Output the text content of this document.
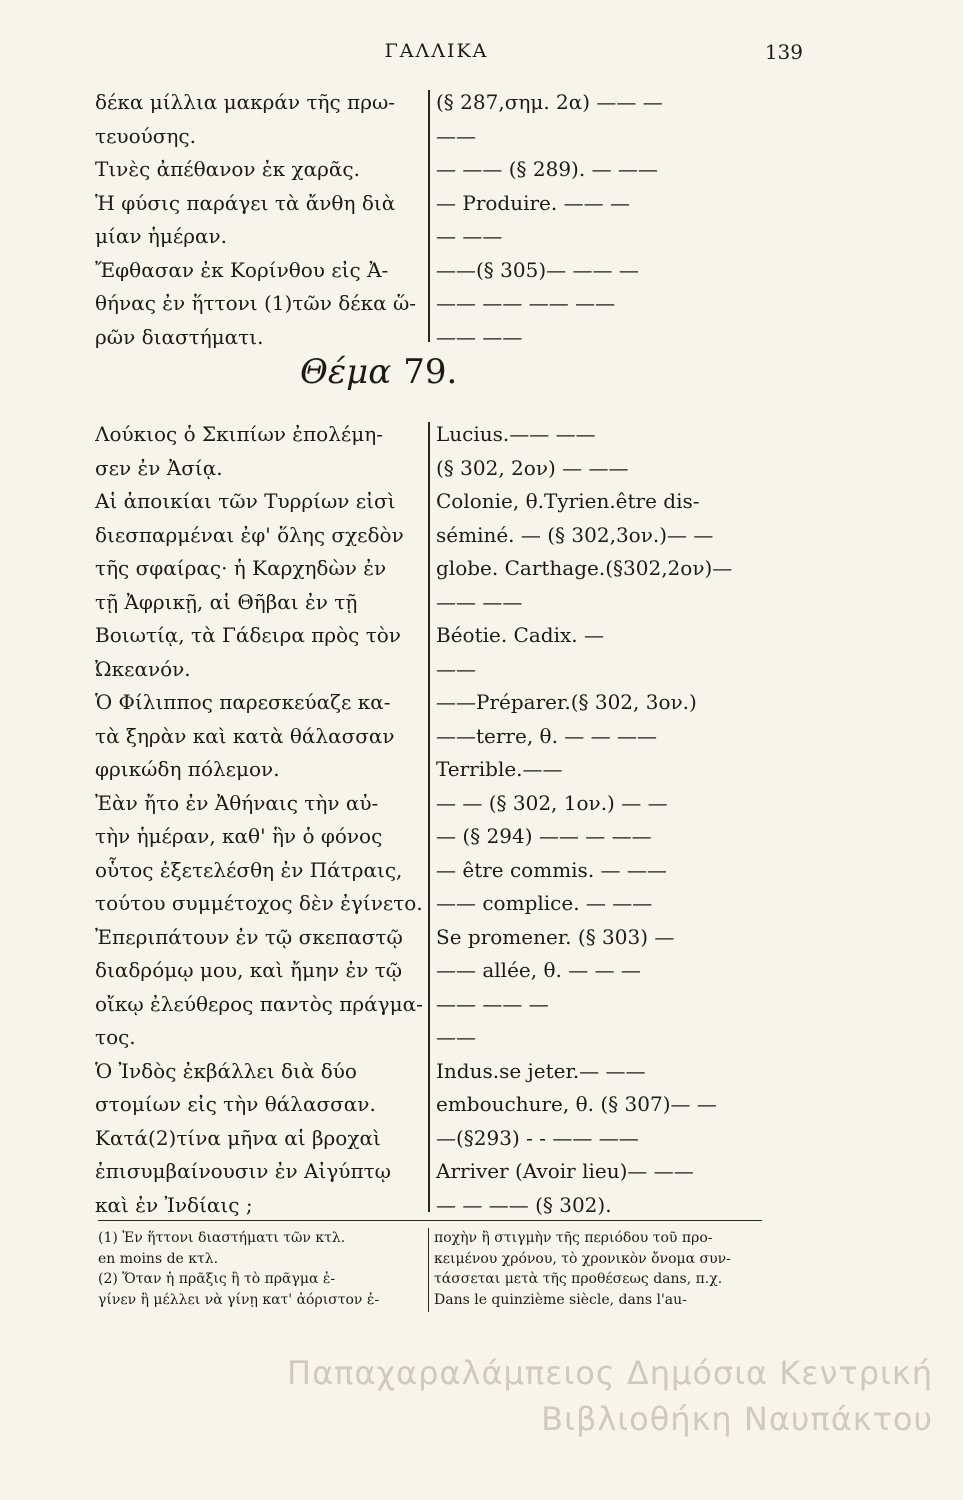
ΓΑΛΛΙΚΑ	139
δέκα μίλλια μακράν τῆς πρω-
τευούσης.
Τινὲς ἀπέθανον ἐκ χαρᾶς.
Ἡ φύσις παράγει τὰ ἄνθη διὰ
μίαν ἡμέραν.
Ἔφθασαν ἐκ Κορίνθου εἰς Ἀ-
θήνας ἐν ἥττονι (1)τῶν δέκα ὥ-
ρῶν διαστήματι.
(§ 287,σημ. 2α) —— —
——
— —— (§ 289). — ——
— Produire. —— —
— ——
——(§ 305)— —— —
—— —— —— ——
—— ——
Θέμα 79.
Λούκιος ὁ Σκιπίων ἐπολέμη-
σεν ἐν Ἀσίᾳ.
Αἱ ἀποικίαι τῶν Τυρρίων εἰσὶ
διεσπαρμέναι ἐφ' ὅλης σχεδὸν
τῆς σφαίρας· ἡ Καρχηδὼν ἐν
τῇ Ἀφρικῇ, αἱ Θῆβαι ἐν τῇ
Βοιωτίᾳ, τὰ Γάδειρα πρὸς τὸν
Ὠκεανόν.
Ὁ Φίλιππος παρεσκεύαζε κα-
τὰ ξηρὰν καὶ κατὰ θάλασσαν
φρικώδη πόλεμον.
Ἐὰν ἤτο ἐν Ἀθήναις τὴν αὐ-
τὴν ἡμέραν, καθ' ἣν ὁ φόνος
οὗτος ἐξετελέσθη ἐν Πάτραις,
τούτου συμμέτοχος δὲν ἐγίνετο.
Ἐπεριπάτουν ἐν τῷ σκεπαστῷ
διαδρόμῳ μου, καὶ ἤμην ἐν τῷ
οἴκῳ ἐλεύθερος παντὸς πράγμα-
τος.
Ὁ Ἰνδὸς ἐκβάλλει διὰ δύο
στομίων εἰς τὴν θάλασσαν.
Κατά(2)τίνα μῆνα αἱ βροχαὶ
ἐπισυμβαίνουσιν ἐν Αἰγύπτῳ
καὶ ἐν Ἰνδίαις ;
Lucius.—— ——
(§ 302, 2ον) — ——
Colonie, θ.Tyrien.être dis-
séminé. — (§ 302,3ον.)— —
globe. Carthage.(§302,2ον)—
—— ——
Béotie. Cadix. —
——
——Préparer.(§ 302, 3ον.)
——terre, θ. — — ——
Terrible.——
— — (§ 302, 1ον.) — —
— (§ 294) —— — ——
— être commis. — ——
—— complice. — ——
Se promener. (§ 303) —
—— allée, θ. — — —
—— —— —
——
Indus.se jeter.— ——
embouchure, θ. (§ 307)— —
—(§293) - - —— ——
Arriver (Avoir lieu)— ——
— — —— (§ 302).
(1) Ἐν ἥττονι διαστήματι τῶν κτλ.
en moins de κτλ.
(2) Ὅταν ἡ πρᾶξις ἢ τὸ πρᾶγμα ἐ-
γίνεν ἢ μέλλει νὰ γίνῃ κατ' ἀόριστον ἐ-
ποχὴν ἢ στιγμὴν τῆς περιόδου τοῦ προ-
κειμένου χρόνου, τὸ χρονικὸν ὄνομα συν-
τάσσεται μετὰ τῆς προθέσεως dans, π.χ.
Dans le quinzième siècle, dans l'au-
Παπαχαραλάμπειος Δημόσια Κεντρική
Βιβλιοθήκη Ναυπάκτου
